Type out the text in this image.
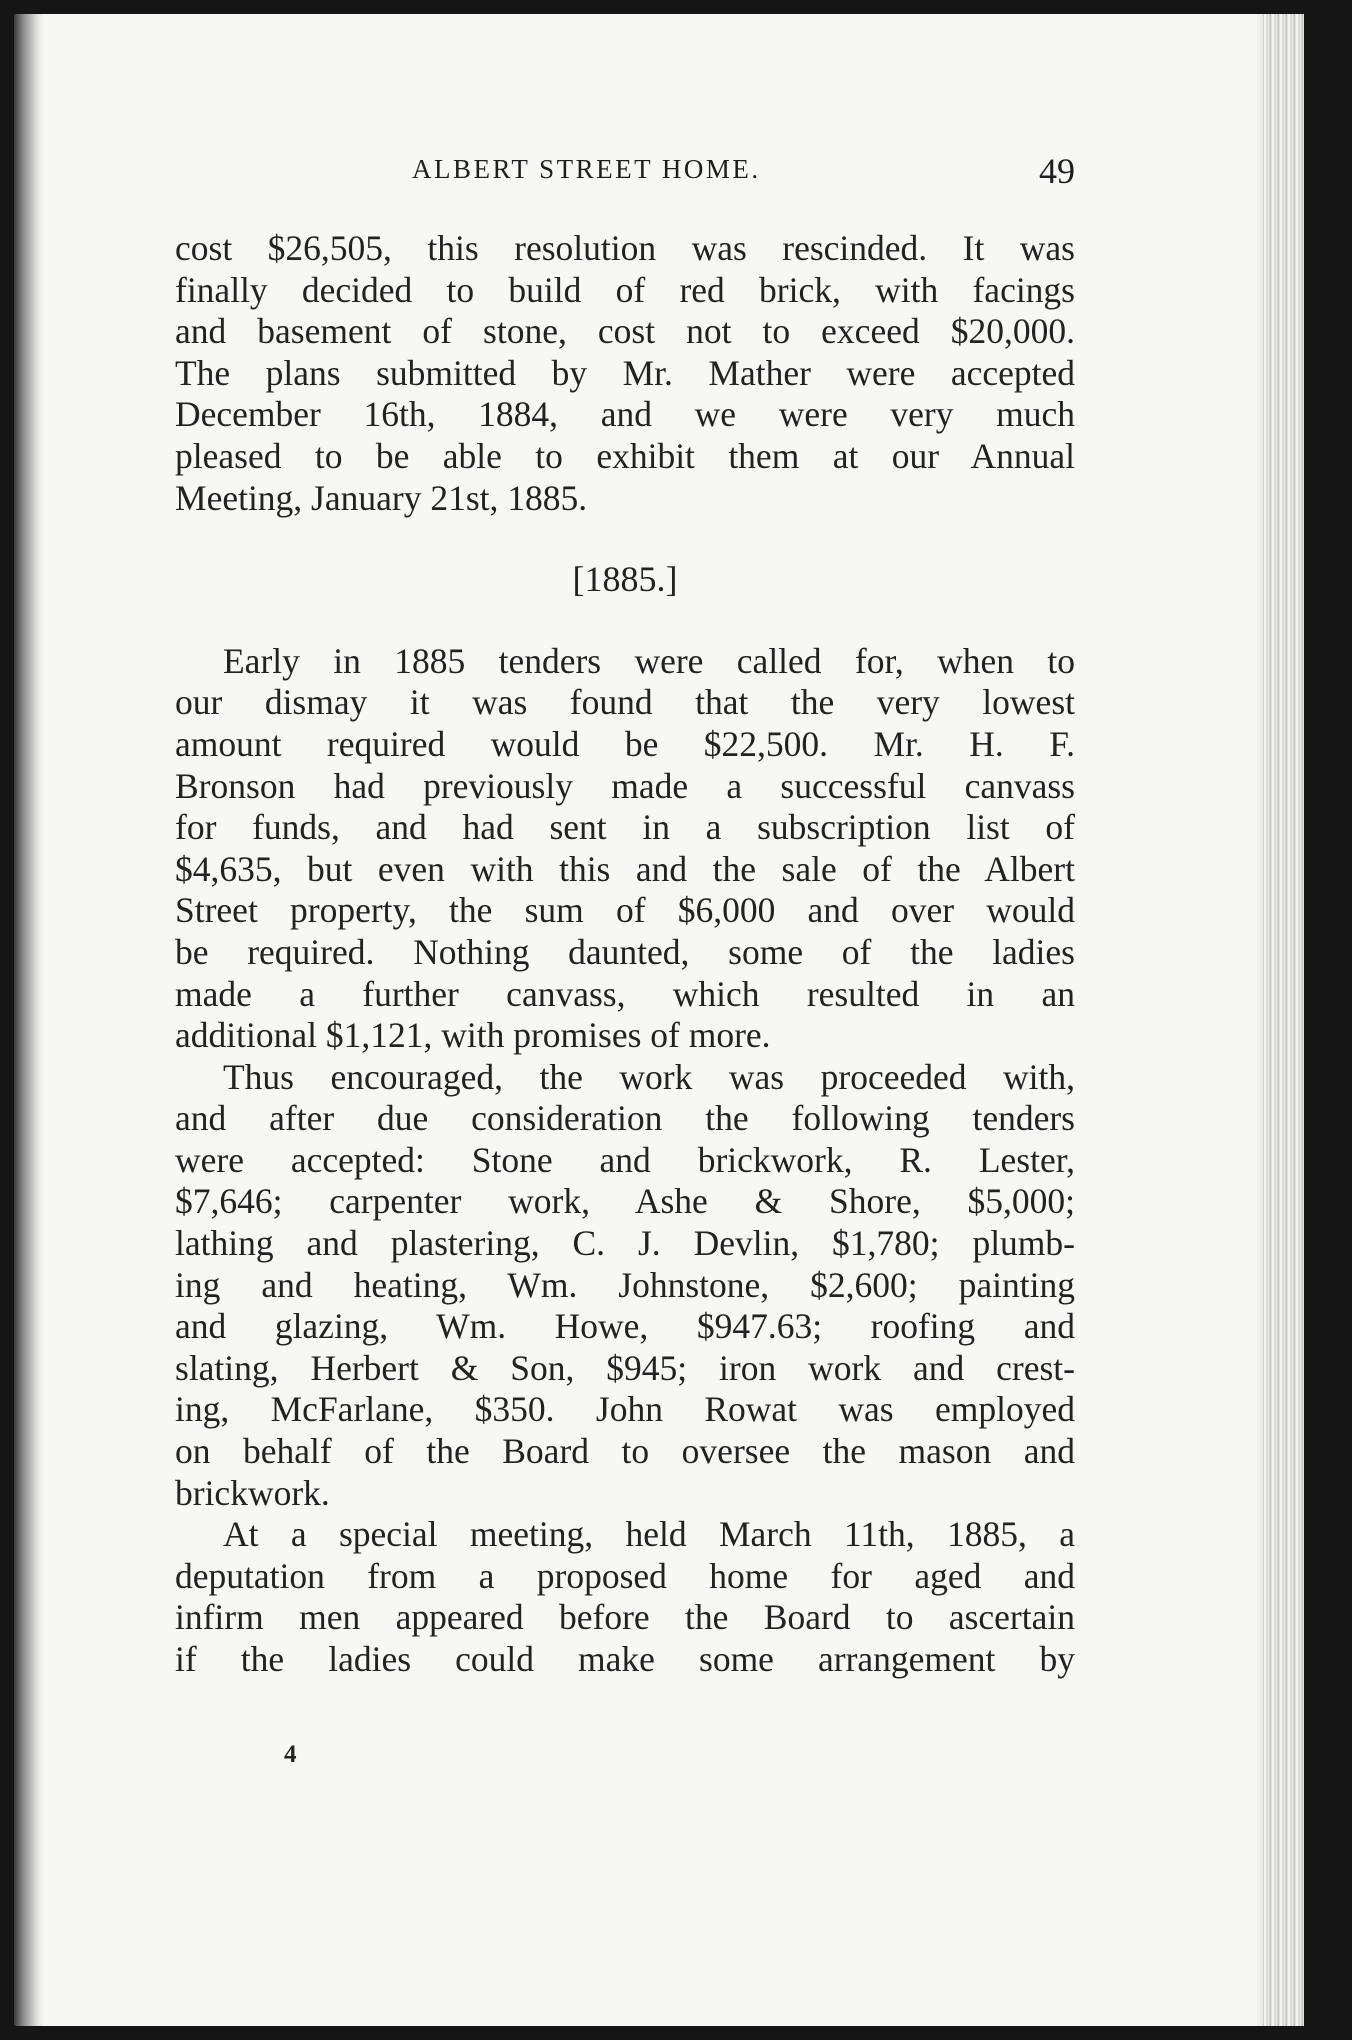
ALBERT STREET HOME.	49
cost $26,505, this resolution was rescinded. It was
finally decided to build of red brick, with facings
and basement of stone, cost not to exceed $20,000.
The plans submitted by Mr. Mather were accepted
December 16th, 1884, and we were very much
pleased to be able to exhibit them at our Annual
Meeting, January 21st, 1885.
[1885.]
Early in 1885 tenders were called for, when to
our dismay it was found that the very lowest
amount required would be $22,500. Mr. H. F.
Bronson had previously made a successful canvass
for funds, and had sent in a subscription list of
$4,635, but even with this and the sale of the Albert
Street property, the sum of $6,000 and over would
be required. Nothing daunted, some of the ladies
made a further canvass, which resulted in an
additional $1,121, with promises of more.
Thus encouraged, the work was proceeded with,
and after due consideration the following tenders
were accepted: Stone and brickwork, R. Lester,
$7,646; carpenter work, Ashe & Shore, $5,000;
lathing and plastering, C. J. Devlin, $1,780; plumb-
ing and heating, Wm. Johnstone, $2,600; painting
and glazing, Wm. Howe, $947.63; roofing and
slating, Herbert & Son, $945; iron work and crest-
ing, McFarlane, $350. John Rowat was employed
on behalf of the Board to oversee the mason and
brickwork.
At a special meeting, held March 11th, 1885, a
deputation from a proposed home for aged and
infirm men appeared before the Board to ascertain
if the ladies could make some arrangement by
4
